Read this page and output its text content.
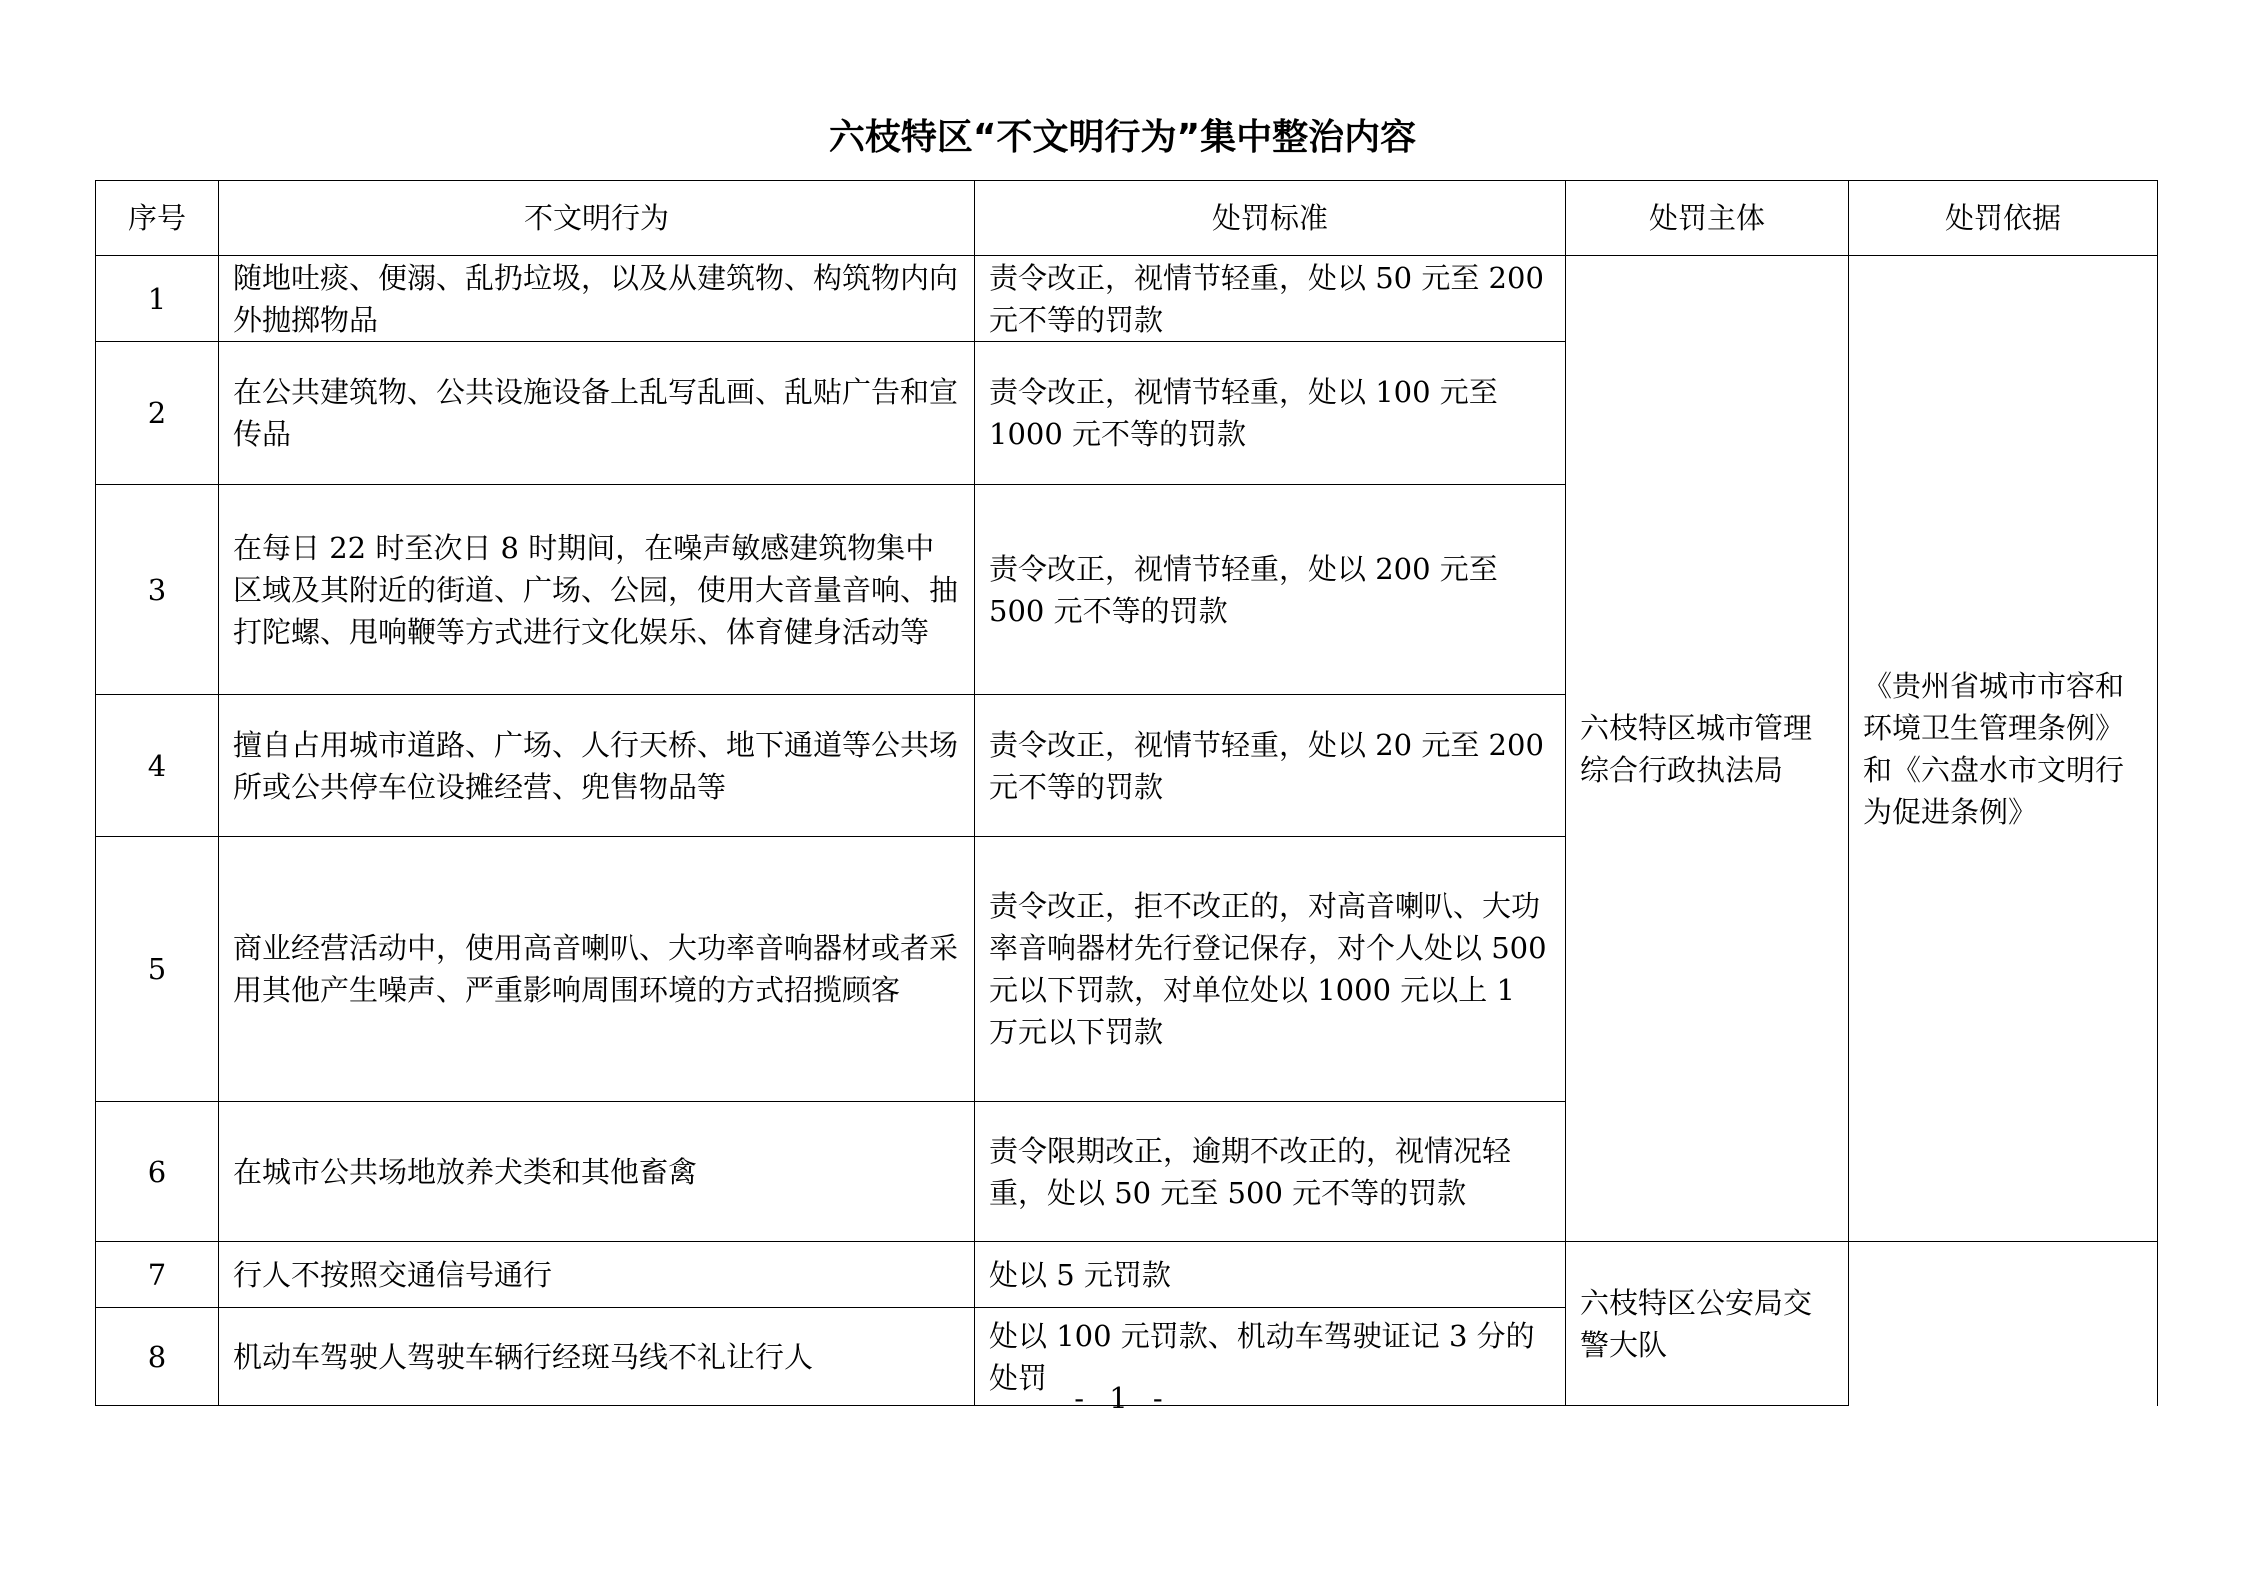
六枝特区“不文明行为”集中整治内容
序号	不文明行为	处罚标准	处罚主体	处罚依据
1	随地吐痰、便溺、乱扔垃圾，以及从建筑物、构筑物内向外抛掷物品	责令改正，视情节轻重，处以 50 元至 200 元不等的罚款	六枝特区城市管理综合行政执法局	《贵州省城市市容和环境卫生管理条例》和《六盘水市文明行为促进条例》
2	在公共建筑物、公共设施设备上乱写乱画、乱贴广告和宣传品	责令改正，视情节轻重，处以 100 元至 1000 元不等的罚款		
3	在每日 22 时至次日 8 时期间，在噪声敏感建筑物集中区域及其附近的街道、广场、公园，使用大音量音响、抽打陀螺、甩响鞭等方式进行文化娱乐、体育健身活动等	责令改正，视情节轻重，处以 200 元至 500 元不等的罚款		
4	擅自占用城市道路、广场、人行天桥、地下通道等公共场所或公共停车位设摊经营、兜售物品等	责令改正，视情节轻重，处以 20 元至 200 元不等的罚款		
5	商业经营活动中，使用高音喇叭、大功率音响器材或者采用其他产生噪声、严重影响周围环境的方式招揽顾客	责令改正，拒不改正的，对高音喇叭、大功率音响器材先行登记保存，对个人处以 500 元以下罚款，对单位处以 1000 元以上 1 万元以下罚款		
6	在城市公共场地放养犬类和其他畜禽	责令限期改正，逾期不改正的，视情况轻重，处以 50 元至 500 元不等的罚款		
7	行人不按照交通信号通行	处以 5 元罚款	六枝特区公安局交警大队	
8	机动车驾驶人驾驶车辆行经斑马线不礼让行人	处以 100 元罚款、机动车驾驶证记 3 分的处罚		
- 1 -
